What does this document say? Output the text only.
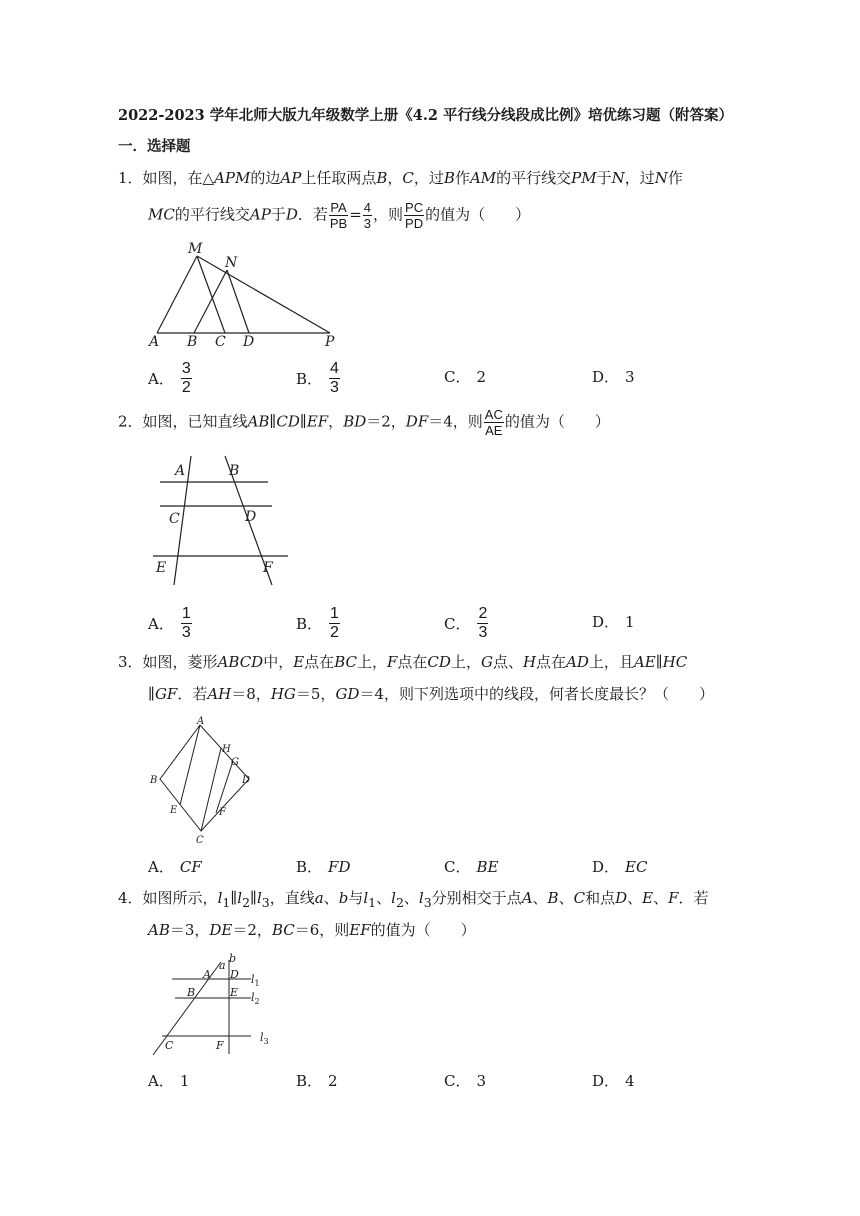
2022-2023 学年北师大版九年级数学上册《4.2 平行线分线段成比例》培优练习题（附答案）
一．选择题
1．如图，在△APM的边AP上任取两点B，C，过B作AM的平行线交PM于N，过N作
MC的平行线交AP于D．若 $\frac{PA}{PB} = \frac{4}{3}$ ，则 $\frac{PC}{PD}$ 的值为（　　）
M
N
A B C D	P
A． $\frac{3}{2}$	B． $\frac{4}{3}$	C． 2	D． 3
2．如图，已知直线AB∥CD∥EF，BD＝2，DF＝4，则 $\frac{AC}{AE}$ 的值为（　　）
A	B
C	D
E	F
A． $\frac{1}{3}$	B． $\frac{1}{2}$	C． $\frac{2}{3}$	D． 1
3．如图，菱形ABCD中，E点在BC上，F点在CD上，G点、H点在AD上，且AE∥HC
∥GF．若AH＝8，HG＝5，GD＝4，则下列选项中的线段，何者长度最长？（　　）
A
B
C
D
E	F
G
H
A． CF	B． FD	C． BE	D． EC
4．如图所示，$l_1\parallel l_2\parallel l_3$，直线a、b与$l_1$、$l_2$、$l_3$分别相交于点A、B、C和点D、E、F．若
AB＝3，DE＝2，BC＝6，则EF的值为（　　）
a
b
A D
B	E
C	F
$l_1$
$l_2$
$l_3$
A． 1	B． 2	C． 3	D． 4
